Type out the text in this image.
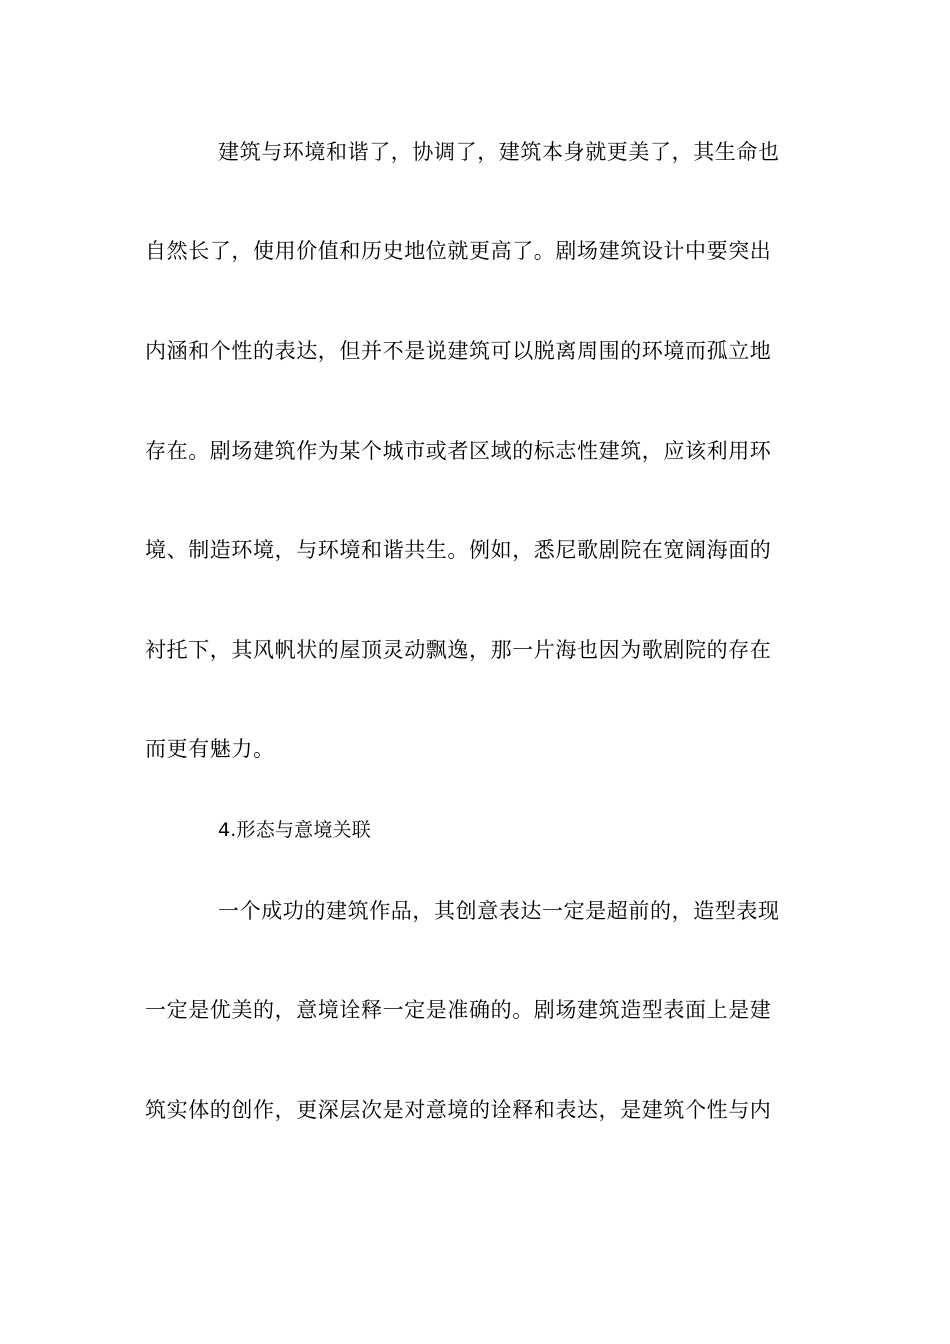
建筑与环境和谐了，协调了，建筑本身就更美了，其生命也
自然长了，使用价值和历史地位就更高了。剧场建筑设计中要突出
内涵和个性的表达，但并不是说建筑可以脱离周围的环境而孤立地
存在。剧场建筑作为某个城市或者区域的标志性建筑，应该利用环
境、制造环境，与环境和谐共生。例如，悉尼歌剧院在宽阔海面的
衬托下，其风帆状的屋顶灵动飘逸，那一片海也因为歌剧院的存在
而更有魅力。
4.形态与意境关联
一个成功的建筑作品，其创意表达一定是超前的，造型表现
一定是优美的，意境诠释一定是准确的。剧场建筑造型表面上是建
筑实体的创作，更深层次是对意境的诠释和表达，是建筑个性与内
